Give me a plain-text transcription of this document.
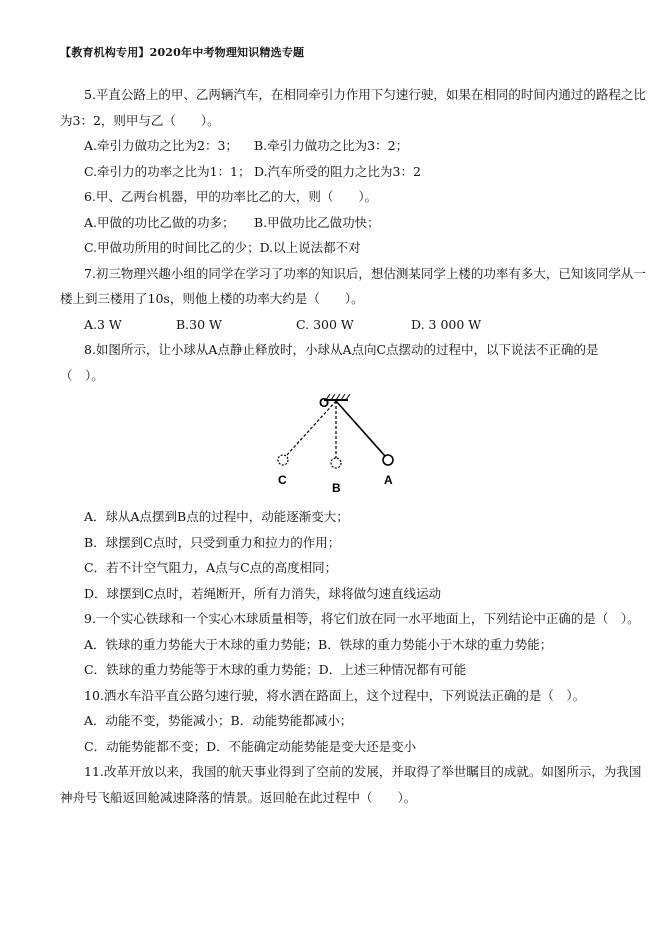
【教育机构专用】2020年中考物理知识精选专题
5.平直公路上的甲、乙两辆汽车，在相同牵引力作用下匀速行驶，如果在相同的时间内通过的路程之比
为3：2，则甲与乙（　　）。
A.牵引力做功之比为2：3；	B.牵引力做功之比为3：2；
C.牵引力的功率之比为1：1； D.汽车所受的阻力之比为3：2
6.甲、乙两台机器，甲的功率比乙的大，则（　　）。
A.甲做的功比乙做的功多；	B.甲做功比乙做功快；
C.甲做功所用的时间比乙的少；D.以上说法都不对
7.初三物理兴趣小组的同学在学习了功率的知识后，想估测某同学上楼的功率有多大，已知该同学从一
楼上到三楼用了10s，则他上楼的功率大约是（　　）。
A.3 W	B.30 W	C. 300 W	D. 3 000 W
8.如图所示，让小球从A点静止释放时，小球从A点向C点摆动的过程中，以下说法不正确的是
（　）。
O
A
B
C
A．球从A点摆到B点的过程中，动能逐渐变大；
B．球摆到C点时，只受到重力和拉力的作用；
C．若不计空气阻力，A点与C点的高度相同；
D．球摆到C点时，若绳断开，所有力消失，球将做匀速直线运动
9.一个实心铁球和一个实心木球质量相等，将它们放在同一水平地面上，下列结论中正确的是（　）。
A．铁球的重力势能大于木球的重力势能；B．铁球的重力势能小于木球的重力势能；
C．铁球的重力势能等于木球的重力势能；D．上述三种情况都有可能
10.洒水车沿平直公路匀速行驶，将水洒在路面上，这个过程中，下列说法正确的是（　）。
A．动能不变，势能减小；B．动能势能都减小；
C．动能势能都不变；D．不能确定动能势能是变大还是变小
11.改革开放以来，我国的航天事业得到了空前的发展，并取得了举世瞩目的成就。如图所示，为我国
神舟号飞船返回舱减速降落的情景。返回舱在此过程中（　　）。
